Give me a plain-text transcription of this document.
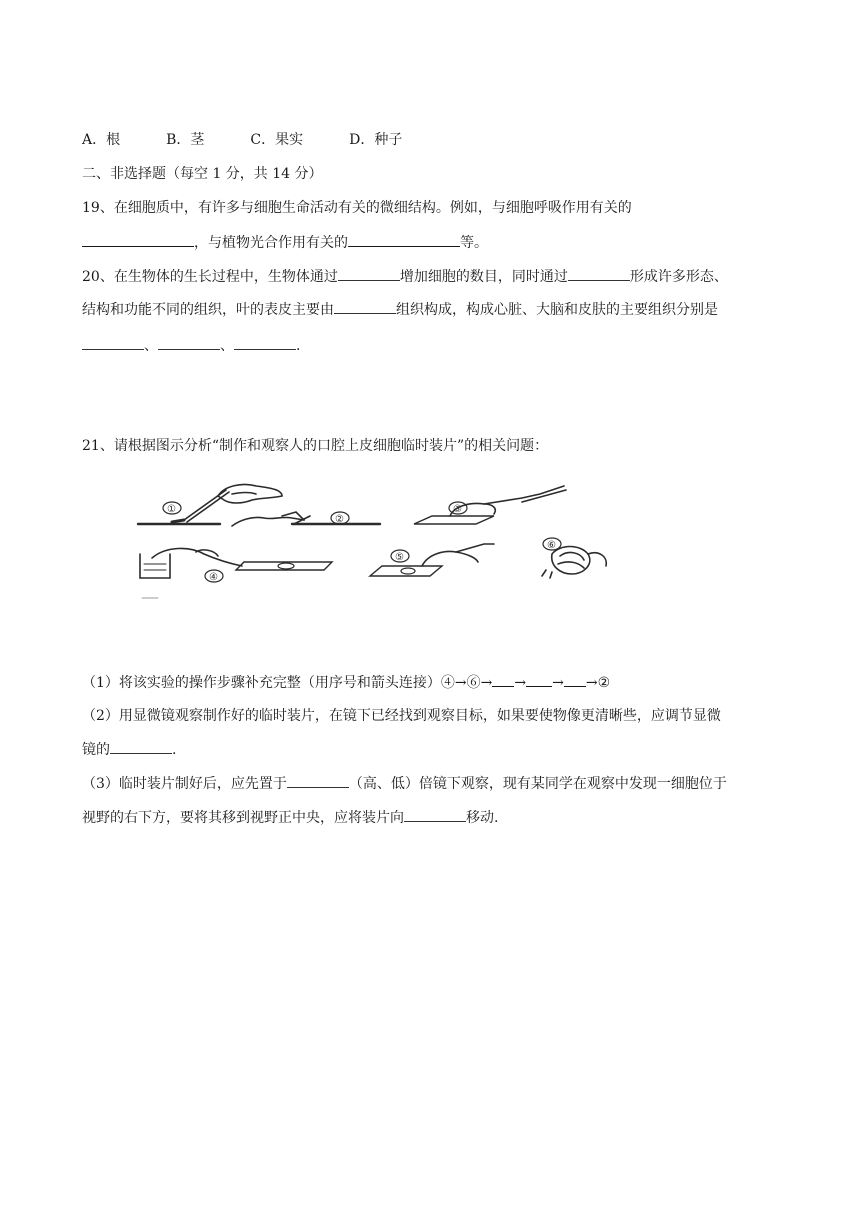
A．根	B．茎	C．果实	D．种子
二、非选择题（每空 1 分，共 14 分）
19、在细胞质中，有许多与细胞生命活动有关的微细结构。例如，与细胞呼吸作用有关的
，与植物光合作用有关的	等。
20、在生物体的生长过程中，生物体通过	增加细胞的数目，同时通过	形成许多形态、
结构和功能不同的组织，叶的表皮主要由	组织构成，构成心脏、大脑和皮肤的主要组织分别是
、	、	.
21、请根据图示分析“制作和观察人的口腔上皮细胞临时装片”的相关问题：
①
②
③
④
⑤
⑥
（1）将该实验的操作步骤补充完整（用序号和箭头连接）④→⑥→ → → →②
（2）用显微镜观察制作好的临时装片，在镜下已经找到观察目标，如果要使物像更清晰些，应调节显微
镜的	.
（3）临时装片制好后，应先置于	（高、低）倍镜下观察，现有某同学在观察中发现一细胞位于
视野的右下方，要将其移到视野正中央，应将装片向	移动.
